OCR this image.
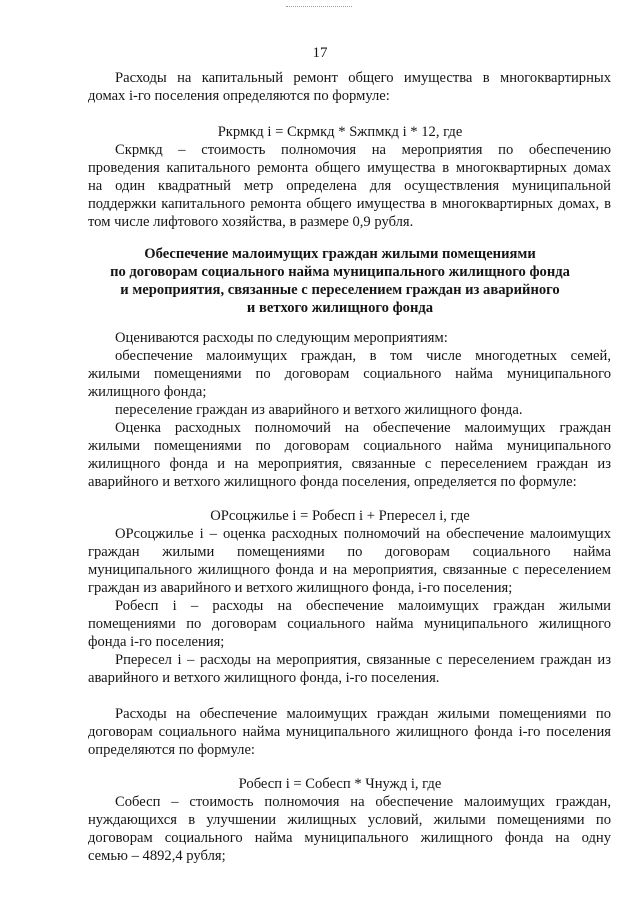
17
Расходы на капитальный ремонт общего имущества в многоквартирных
домах i-го поселения определяются по формуле:
Ркрмкд i = Скрмкд * Sжпмкд i * 12, где
Скрмкд – стоимость полномочия на мероприятия по обеспечению
проведения капитального ремонта общего имущества в многоквартирных домах
на один квадратный метр определена для осуществления муниципальной
поддержки капитального ремонта общего имущества в многоквартирных домах, в
том числе лифтового хозяйства, в размере 0,9 рубля.
Обеспечение малоимущих граждан жилыми помещениями
по договорам социального найма муниципального жилищного фонда
и мероприятия, связанные с переселением граждан из аварийного
и ветхого жилищного фонда
Оцениваются расходы по следующим мероприятиям:
обеспечение малоимущих граждан, в том числе многодетных семей,
жилыми помещениями по договорам социального найма муниципального
жилищного фонда;
переселение граждан из аварийного и ветхого жилищного фонда.
Оценка расходных полномочий на обеспечение малоимущих граждан
жилыми помещениями по договорам социального найма муниципального
жилищного фонда и на мероприятия, связанные с переселением граждан из
аварийного и ветхого жилищного фонда поселения, определяется по формуле:
ОРсоцжилье i = Робесп i + Рпересел i, где
ОРсоцжилье i – оценка расходных полномочий на обеспечение малоимущих
граждан жилыми помещениями по договорам социального найма
муниципального жилищного фонда и на мероприятия, связанные с переселением
граждан из аварийного и ветхого жилищного фонда, i-го поселения;
Робесп i – расходы на обеспечение малоимущих граждан жилыми
помещениями по договорам социального найма муниципального жилищного
фонда i-го поселения;
Рпересел i – расходы на мероприятия, связанные с переселением граждан из
аварийного и ветхого жилищного фонда, i-го поселения.
Расходы на обеспечение малоимущих граждан жилыми помещениями по
договорам социального найма муниципального жилищного фонда i-го поселения
определяются по формуле:
Робесп i = Собесп * Чнужд i, где
Собесп – стоимость полномочия на обеспечение малоимущих граждан,
нуждающихся в улучшении жилищных условий, жилыми помещениями по
договорам социального найма муниципального жилищного фонда на одну
семью – 4892,4 рубля;
